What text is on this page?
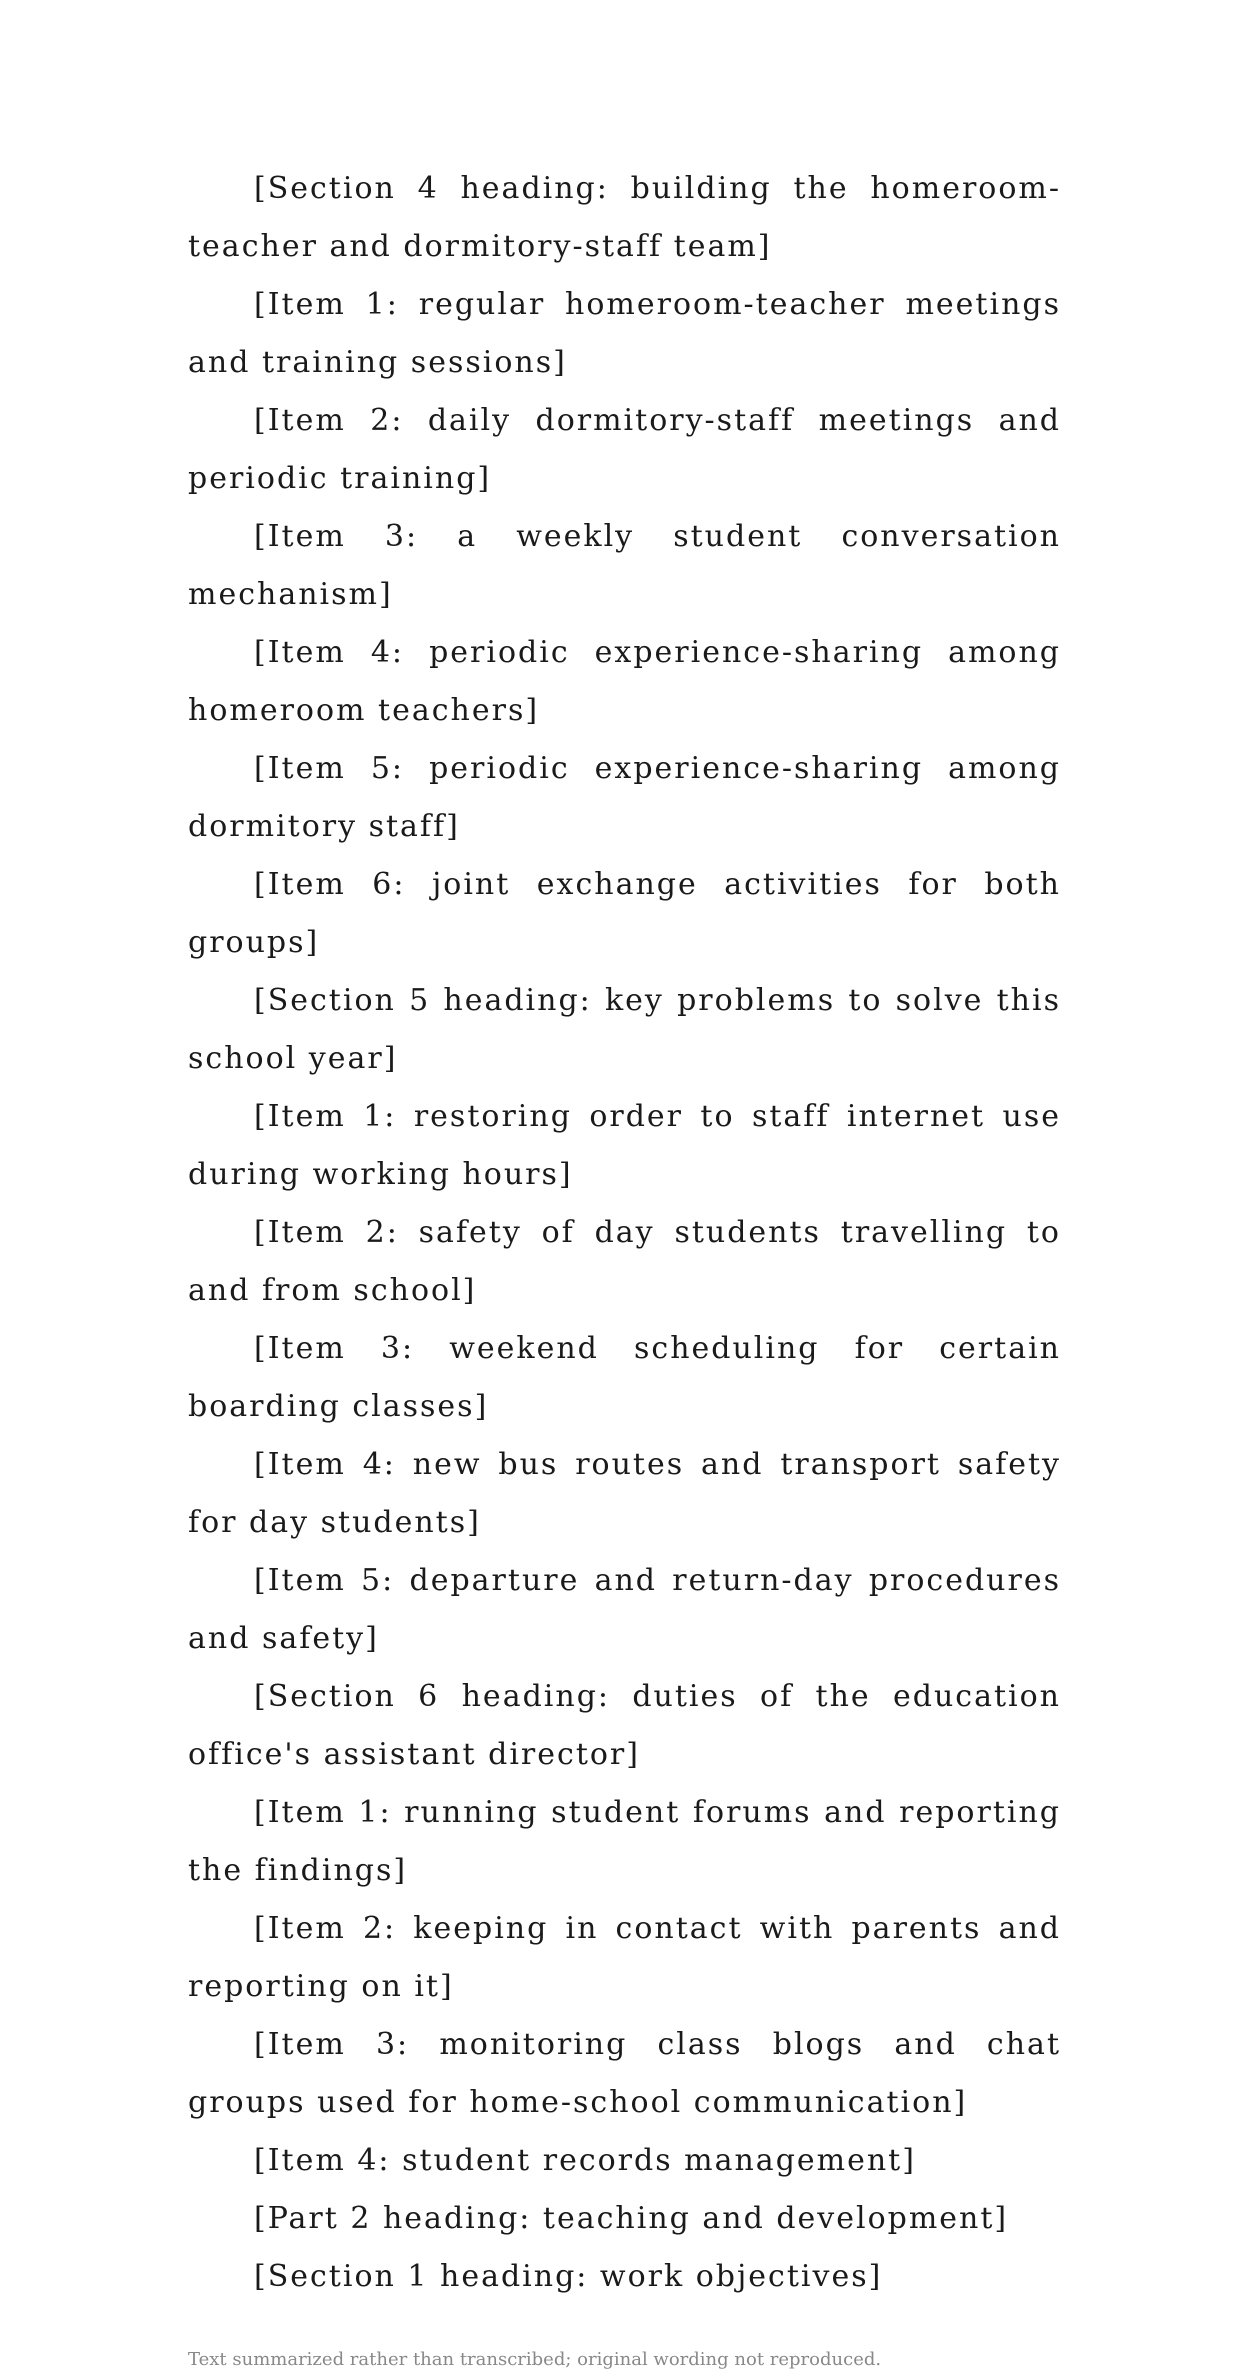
[Section 4 heading: building the homeroom-teacher and dormitory-staff team]

[Item 1: regular homeroom-teacher meetings and training sessions]

[Item 2: daily dormitory-staff meetings and periodic training]

[Item 3: a weekly student conversation mechanism]

[Item 4: periodic experience-sharing among homeroom teachers]

[Item 5: periodic experience-sharing among dormitory staff]

[Item 6: joint exchange activities for both groups]

[Section 5 heading: key problems to solve this school year]

[Item 1: restoring order to staff internet use during working hours]

[Item 2: safety of day students travelling to and from school]

[Item 3: weekend scheduling for certain boarding classes]

[Item 4: new bus routes and transport safety for day students]

[Item 5: departure and return-day procedures and safety]

[Section 6 heading: duties of the education office's assistant director]

[Item 1: running student forums and reporting the findings]

[Item 2: keeping in contact with parents and reporting on it]

[Item 3: monitoring class blogs and chat groups used for home-school communication]

[Item 4: student records management]

[Part 2 heading: teaching and development]

[Section 1 heading: work objectives]

Text summarized rather than transcribed; original wording not reproduced.
